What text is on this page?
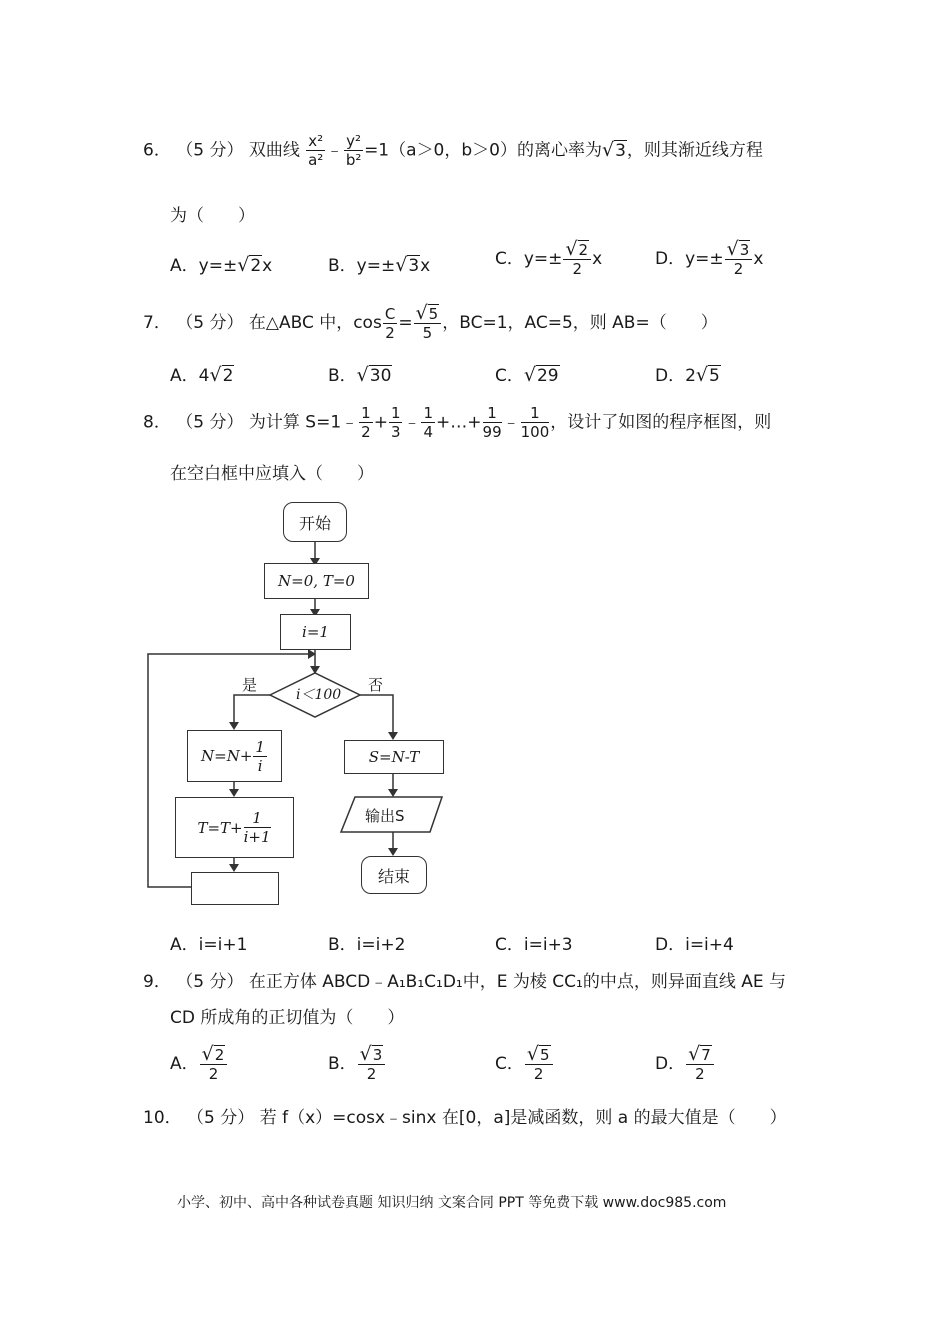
6． （5 分） 双曲线 $\frac{\text{x²}}{\text{a²}}$ ﹣ $\frac{\text{y²}}{\text{b²}} =1(a>0$，b＞0）的离心率为√3，则其渐近线方程
为（　　）
A．y=±√2x	B．y=±√3x	C．$y=\pm \frac{√2}{2}$ x	D．$y=\pm \frac{√3}{2}$ x
7． （5 分） 在△ABC 中，$\cos \frac{C}{2} = \frac{√5}{5}$ ，BC=1，AC=5，则 AB=（　　）
A．4√2	B．√30	C．√29	D．2√5
8． （5 分） 为计算 S=1﹣ $\frac{1}{2} + \frac{1}{3}$ ﹣ $\frac{1}{4}$ +…+ $\frac{1}{99}$ ﹣ $\frac{1}{100}$ ，设计了如图的程序框图，则
在空白框中应填入（　　）
开始
N=0, T=0
i=1
i＜100
是	否
$N=N+ \frac{1}{i}$
$T=T+ \frac{1}{i+1}$
S=N-T
输出S
结束
A．i=i+1	B．i=i+2	C．i=i+3	D．i=i+4
9． （5 分） 在正方体 ABCD﹣A₁B₁C₁D₁中，E 为棱 CC₁的中点，则异面直线 AE 与
CD 所成角的正切值为（　　）
A． $\frac{√2}{2}$	B． $\frac{√3}{2}$	C． $\frac{√5}{2}$	D． $\frac{√7}{2}$
10． （5 分） 若 f（x）=cosx﹣sinx 在[0，a]是减函数，则 a 的最大值是（　　）
小学、初中、高中各种试卷真题 知识归纳 文案合同 PPT 等免费下载 www.doc985.com
